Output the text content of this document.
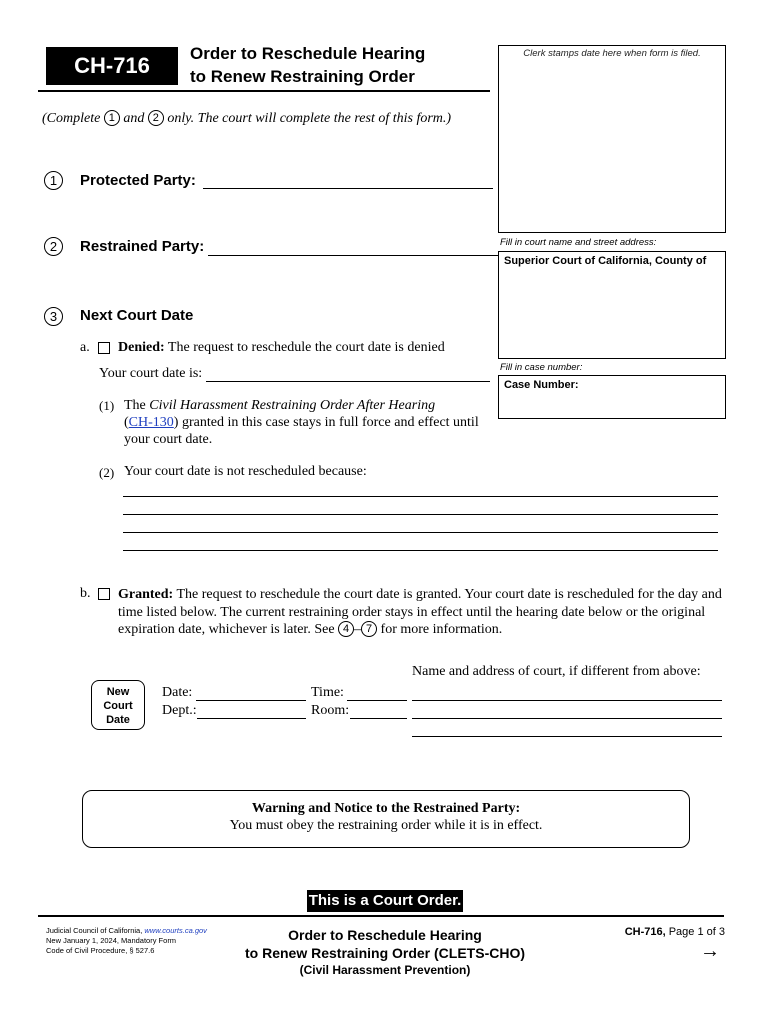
CH-716	Order to Reschedule Hearing
to Renew Restraining Order
Clerk stamps date here when form is filed.
Fill in court name and street address:
Superior Court of California, County of
Fill in case number:
Case Number:
(Complete 1 and 2 only. The court will complete the rest of this form.)
1	Protected Party:
2	Restrained Party:
3	Next Court Date
a. Denied: The request to reschedule the court date is denied
Your court date is:
(1) The Civil Harassment Restraining Order After Hearing
(CH-130) granted in this case stays in full force and effect until
your court date.
(2) Your court date is not rescheduled because:
b. Granted: The request to reschedule the court date is granted. Your court date is rescheduled for the day and
time listed below. The current restraining order stays in effect until the hearing date below or the original
expiration date, whichever is later. See 4 – 7 for more information.
Name and address of court, if different from above:
New
Court
Date
Date:	Time:
Dept.:	Room:
Warning and Notice to the Restrained Party:
You must obey the restraining order while it is in effect.
This is a Court Order.
Judicial Council of California, www.courts.ca.gov
New January 1, 2024, Mandatory Form
Code of Civil Procedure, § 527.6
Order to Reschedule Hearing
to Renew Restraining Order (CLETS-CHO)
(Civil Harassment Prevention)
CH-716, Page 1 of 3
→
